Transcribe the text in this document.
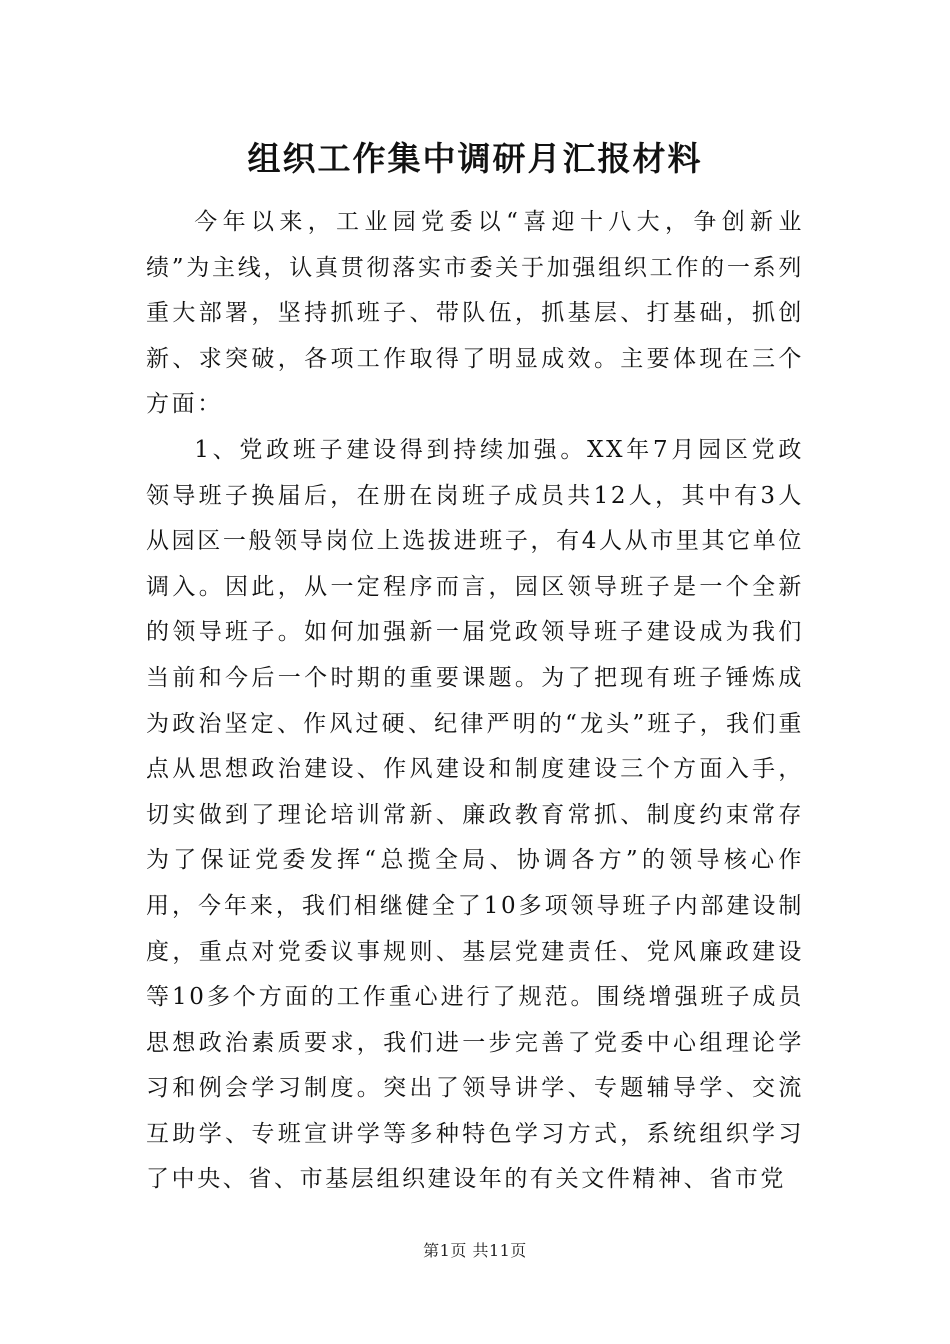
组织工作集中调研月汇报材料

今年以来，工业园党委以“喜迎十八大，争创新业绩”为主线，认真贯彻落实市委关于加强组织工作的一系列重大部署，坚持抓班子、带队伍，抓基层、打基础，抓创新、求突破，各项工作取得了明显成效。主要体现在三个方面：

1、党政班子建设得到持续加强。XX年7月园区党政领导班子换届后，在册在岗班子成员共12人，其中有3人从园区一般领导岗位上选拔进班子，有4人从市里其它单位调入。因此，从一定程序而言，园区领导班子是一个全新的领导班子。如何加强新一届党政领导班子建设成为我们当前和今后一个时期的重要课题。为了把现有班子锤炼成为政治坚定、作风过硬、纪律严明的“龙头”班子，我们重点从思想政治建设、作风建设和制度建设三个方面入手，切实做到了理论培训常新、廉政教育常抓、制度约束常存为了保证党委发挥“总揽全局、协调各方”的领导核心作用，今年来，我们相继健全了10多项领导班子内部建设制度，重点对党委议事规则、基层党建责任、党风廉政建设等10多个方面的工作重心进行了规范。围绕增强班子成员思想政治素质要求，我们进一步完善了党委中心组理论学习和例会学习制度。突出了领导讲学、专题辅导学、交流互助学、专班宣讲学等多种特色学习方式，系统组织学习了中央、省、市基层组织建设年的有关文件精神、省市党

第1页 共11页
